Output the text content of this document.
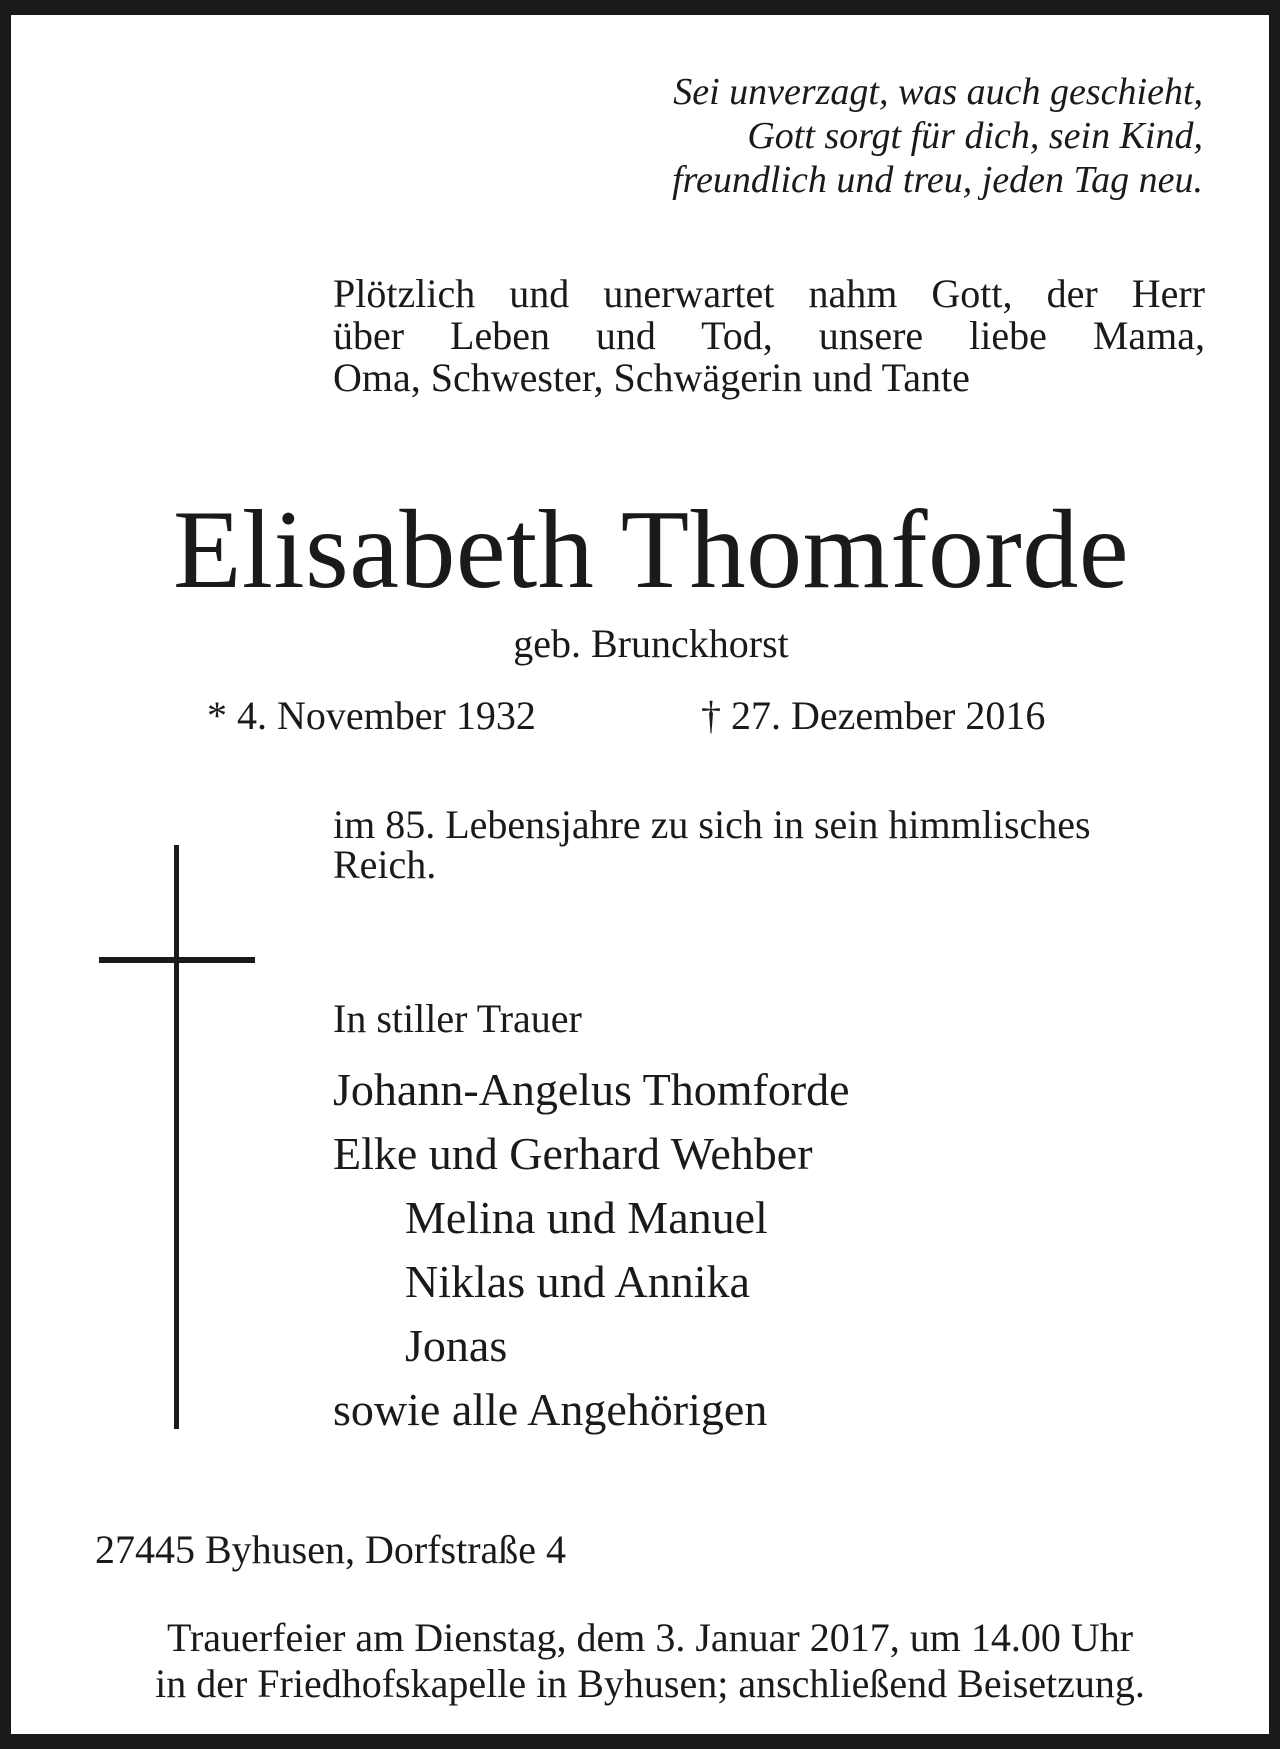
Sei unverzagt, was auch geschieht,
Gott sorgt für dich, sein Kind,
freundlich und treu, jeden Tag neu.
Plötzlich und unerwartet nahm Gott, der Herr
über Leben und Tod, unsere liebe Mama,
Oma, Schwester, Schwägerin und Tante
Elisabeth Thomforde
geb. Brunckhorst
* 4. November 1932	† 27. Dezember 2016
im 85. Lebensjahre zu sich in sein himmlisches
Reich.
In stiller Trauer
Johann-Angelus Thomforde
Elke und Gerhard Wehber
Melina und Manuel
Niklas und Annika
Jonas
sowie alle Angehörigen
27445 Byhusen, Dorfstraße 4
Trauerfeier am Dienstag, dem 3. Januar 2017, um 14.00 Uhr
in der Friedhofskapelle in Byhusen; anschließend Beisetzung.
